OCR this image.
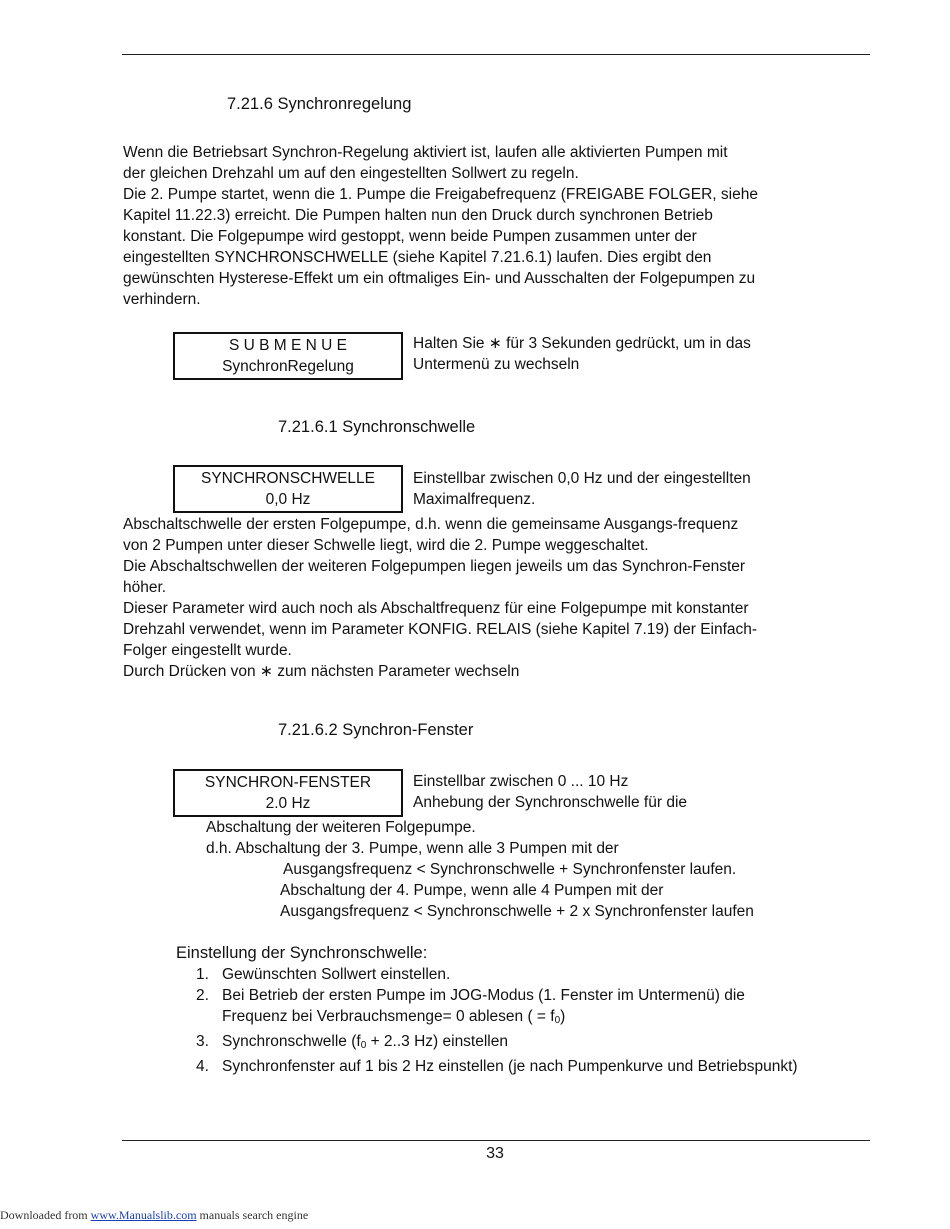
7.21.6 Synchronregelung

Wenn die Betriebsart Synchron-Regelung aktiviert ist, laufen alle aktivierten Pumpen mit

der gleichen Drehzahl um auf den eingestellten Sollwert zu regeln.

Die 2. Pumpe startet, wenn die 1. Pumpe die Freigabefrequenz (FREIGABE FOLGER, siehe

Kapitel 11.22.3) erreicht. Die Pumpen halten nun den Druck durch synchronen Betrieb

konstant. Die Folgepumpe wird gestoppt, wenn beide Pumpen zusammen unter der

eingestellten SYNCHRONSCHWELLE (siehe Kapitel 7.21.6.1) laufen. Dies ergibt den

gewünschten Hysterese-Effekt um ein oftmaliges Ein- und Ausschalten der Folgepumpen zu

verhindern.

S U B M E N U E
SynchronRegelung
Halten Sie ∗ für 3 Sekunden gedrückt, um in das
Untermenü zu wechseln
7.21.6.1 Synchronschwelle
SYNCHRONSCHWELLE
0,0 Hz
Einstellbar zwischen 0,0 Hz und der eingestellten
Maximalfrequenz.

Abschaltschwelle der ersten Folgepumpe, d.h. wenn die gemeinsame Ausgangs-frequenz

von 2 Pumpen unter dieser Schwelle liegt, wird die 2. Pumpe weggeschaltet.

Die Abschaltschwellen der weiteren Folgepumpen liegen jeweils um das Synchron-Fenster

höher.

Dieser Parameter wird auch noch als Abschaltfrequenz für eine Folgepumpe mit konstanter

Drehzahl verwendet, wenn im Parameter KONFIG. RELAIS (siehe Kapitel 7.19) der Einfach-

Folger eingestellt wurde.

Durch Drücken von ∗ zum nächsten Parameter wechseln

7.21.6.2 Synchron-Fenster
SYNCHRON-FENSTER
2.0 Hz
Einstellbar zwischen 0 ... 10 Hz
Anhebung der Synchronschwelle für die
Abschaltung der weiteren Folgepumpe.
d.h. Abschaltung der 3. Pumpe, wenn alle 3 Pumpen mit der
Ausgangsfrequenz < Synchronschwelle + Synchronfenster laufen.
Abschaltung der 4. Pumpe, wenn alle 4 Pumpen mit der
Ausgangsfrequenz < Synchronschwelle + 2 x Synchronfenster laufen
Einstellung der Synchronschwelle:
1. Gewünschten Sollwert einstellen.
2. Bei Betrieb der ersten Pumpe im JOG-Modus (1. Fenster im Untermenü) die
Frequenz bei Verbrauchsmenge= 0 ablesen ( = $f_0$)
3. Synchronschwelle ($f_0 + 2..3$ Hz) einstellen
4. Synchronfenster auf 1 bis 2 Hz einstellen (je nach Pumpenkurve und Betriebspunkt)
33
Downloaded from www.Manualslib.com manuals search engine
